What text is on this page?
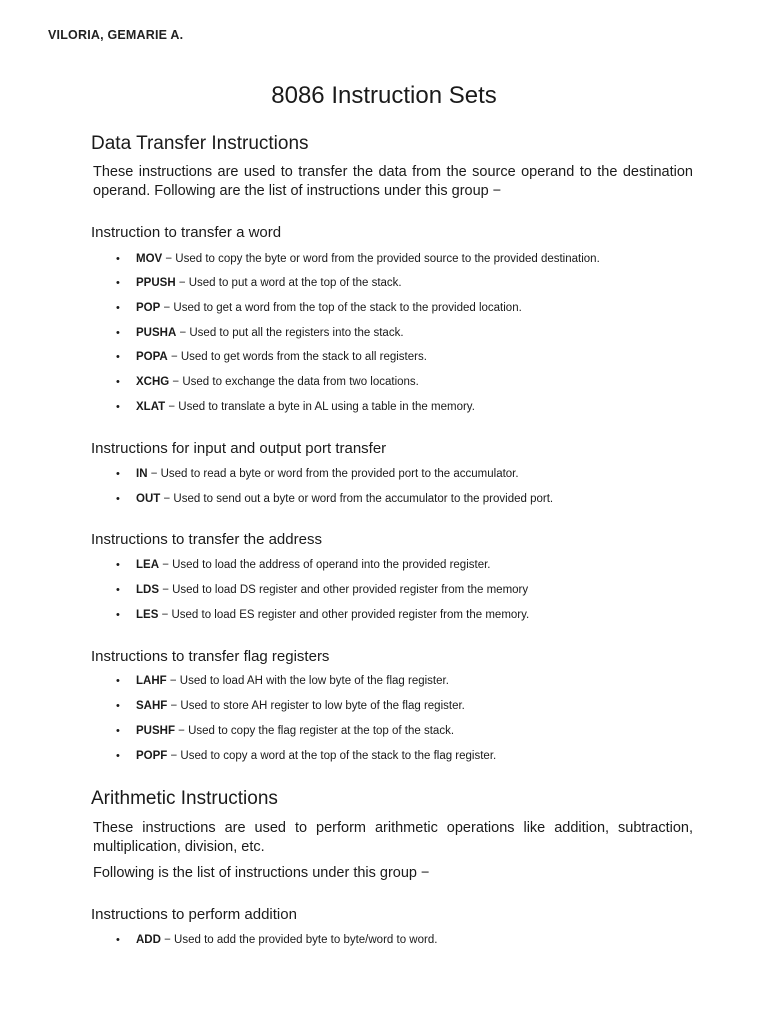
VILORIA, GEMARIE A.
8086 Instruction Sets
Data Transfer Instructions
These instructions are used to transfer the data from the source operand to the destination operand. Following are the list of instructions under this group −
Instruction to transfer a word
• MOV − Used to copy the byte or word from the provided source to the provided destination.
• PPUSH − Used to put a word at the top of the stack.
• POP − Used to get a word from the top of the stack to the provided location.
• PUSHA − Used to put all the registers into the stack.
• POPA − Used to get words from the stack to all registers.
• XCHG − Used to exchange the data from two locations.
• XLAT − Used to translate a byte in AL using a table in the memory.
Instructions for input and output port transfer
• IN − Used to read a byte or word from the provided port to the accumulator.
• OUT − Used to send out a byte or word from the accumulator to the provided port.
Instructions to transfer the address
• LEA − Used to load the address of operand into the provided register.
• LDS − Used to load DS register and other provided register from the memory
• LES − Used to load ES register and other provided register from the memory.
Instructions to transfer flag registers
• LAHF − Used to load AH with the low byte of the flag register.
• SAHF − Used to store AH register to low byte of the flag register.
• PUSHF − Used to copy the flag register at the top of the stack.
• POPF − Used to copy a word at the top of the stack to the flag register.
Arithmetic Instructions
These instructions are used to perform arithmetic operations like addition, subtraction, multiplication, division, etc.
Following is the list of instructions under this group −
Instructions to perform addition
• ADD − Used to add the provided byte to byte/word to word.
